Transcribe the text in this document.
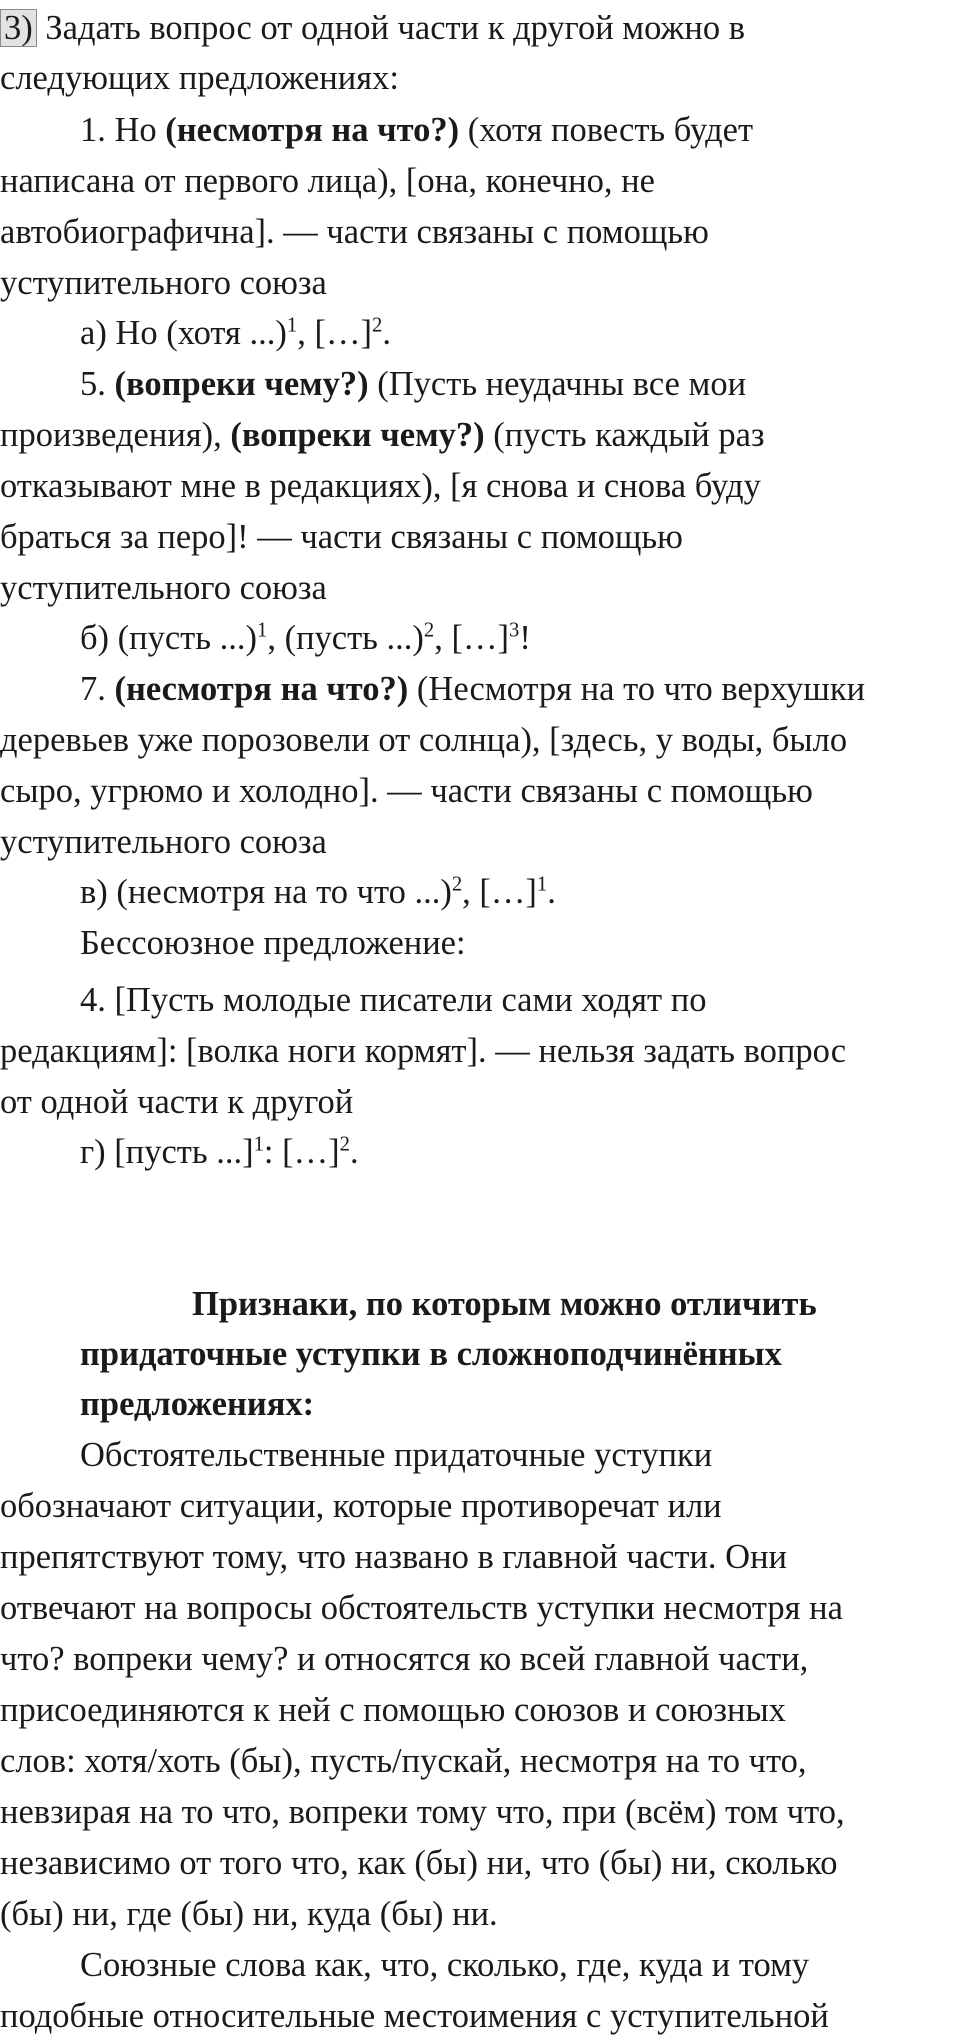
3) Задать вопрос от одной части к другой можно в
следующих предложениях:
1. Но (несмотря на что?) (хотя повесть будет
написана от первого лица), [она, конечно, не
автобиографична]. — части связаны с помощью
уступительного союза
а) Но (хотя ...)$^1$, […]$^2$.
5. (вопреки чему?) (Пусть неудачны все мои
произведения), (вопреки чему?) (пусть каждый раз
отказывают мне в редакциях), [я снова и снова буду
браться за перо]! — части связаны с помощью
уступительного союза
б) (пусть ...)$^1$, (пусть ...)$^2$, […]$^3$!
7. (несмотря на что?) (Несмотря на то что верхушки
деревьев уже порозовели от солнца), [здесь, у воды, было
сыро, угрюмо и холодно]. — части связаны с помощью
уступительного союза
в) (несмотря на то что ...)$^2$, […]$^1$.
Бессоюзное предложение:
4. [Пусть молодые писатели сами ходят по
редакциям]: [волка ноги кормят]. — нельзя задать вопрос
от одной части к другой
г) [пусть ...]$^1$: […]$^2$.
Признаки, по которым можно отличить
придаточные уступки в сложноподчинённых
предложениях:
Обстоятельственные придаточные уступки
обозначают ситуации, которые противоречат или
препятствуют тому, что названо в главной части. Они
отвечают на вопросы обстоятельств уступки несмотря на
что? вопреки чему? и относятся ко всей главной части,
присоединяются к ней с помощью союзов и союзных
слов: хотя/хоть (бы), пусть/пускай, несмотря на то что,
невзирая на то что, вопреки тому что, при (всём) том что,
независимо от того что, как (бы) ни, что (бы) ни, сколько
(бы) ни, где (бы) ни, куда (бы) ни.
Союзные слова как, что, сколько, где, куда и тому
подобные относительные местоимения с уступительной
